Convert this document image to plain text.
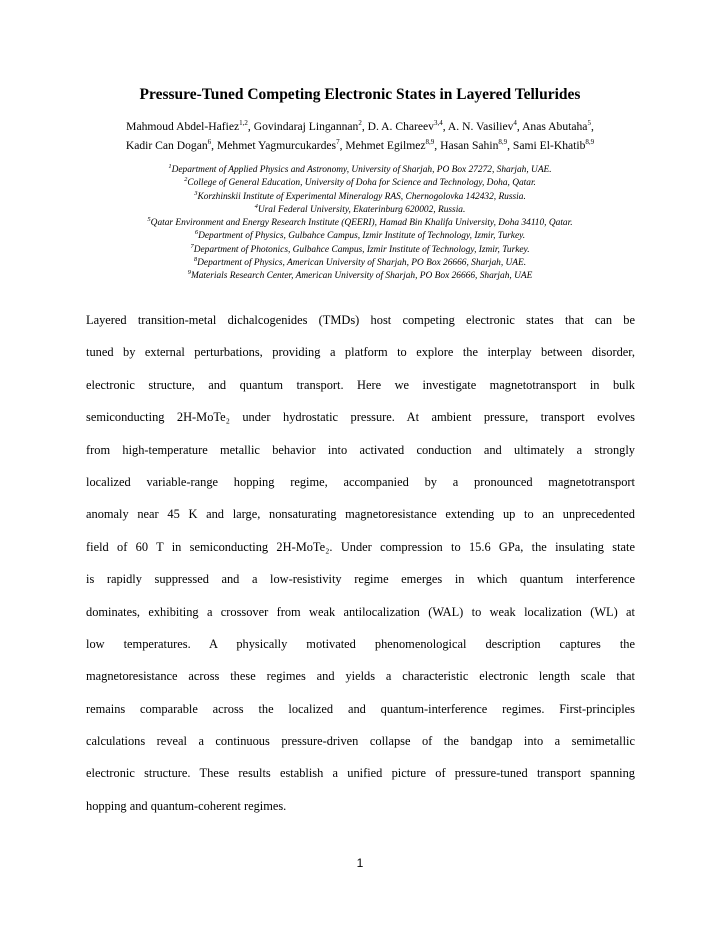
Pressure-Tuned Competing Electronic States in Layered Tellurides
Mahmoud Abdel-Hafiez$^{1,2}$, Govindaraj Lingannan$^2$, D. A. Chareev$^{3,4}$, A. N. Vasiliev$^4$, Anas Abutaha$^5$,
Kadir Can Dogan$^6$, Mehmet Yagmurcukardes$^7$, Mehmet Egilmez$^{8,9}$, Hasan Sahin$^{8,9}$, Sami El-Khatib$^{8,9}$
$^1$Department of Applied Physics and Astronomy, University of Sharjah, PO Box 27272, Sharjah, UAE.
$^2$College of General Education, University of Doha for Science and Technology, Doha, Qatar.
$^3$Korzhinskii Institute of Experimental Mineralogy RAS, Chernogolovka 142432, Russia.
$^4$Ural Federal University, Ekaterinburg 620002, Russia.
$^5$Qatar Environment and Energy Research Institute (QEERI), Hamad Bin Khalifa University, Doha 34110, Qatar.
$^6$Department of Physics, Gulbahce Campus, Izmir Institute of Technology, Izmir, Turkey.
$^7$Department of Photonics, Gulbahce Campus, Izmir Institute of Technology, Izmir, Turkey.
$^8$Department of Physics, American University of Sharjah, PO Box 26666, Sharjah, UAE.
$^9$Materials Research Center, American University of Sharjah, PO Box 26666, Sharjah, UAE
Layered transition-metal dichalcogenides (TMDs) host competing electronic states that can be
tuned by external perturbations, providing a platform to explore the interplay between disorder,
electronic structure, and quantum transport. Here we investigate magnetotransport in bulk
semiconducting 2H-MoTe₂ under hydrostatic pressure. At ambient pressure, transport evolves
from high-temperature metallic behavior into activated conduction and ultimately a strongly
localized variable-range hopping regime, accompanied by a pronounced magnetotransport
anomaly near 45 K and large, nonsaturating magnetoresistance extending up to an unprecedented
field of 60 T in semiconducting 2H-MoTe₂. Under compression to 15.6 GPa, the insulating state
is rapidly suppressed and a low-resistivity regime emerges in which quantum interference
dominates, exhibiting a crossover from weak antilocalization (WAL) to weak localization (WL) at
low temperatures. A physically motivated phenomenological description captures the
magnetoresistance across these regimes and yields a characteristic electronic length scale that
remains comparable across the localized and quantum-interference regimes. First-principles
calculations reveal a continuous pressure-driven collapse of the bandgap into a semimetallic
electronic structure. These results establish a unified picture of pressure-tuned transport spanning
hopping and quantum-coherent regimes.
1
